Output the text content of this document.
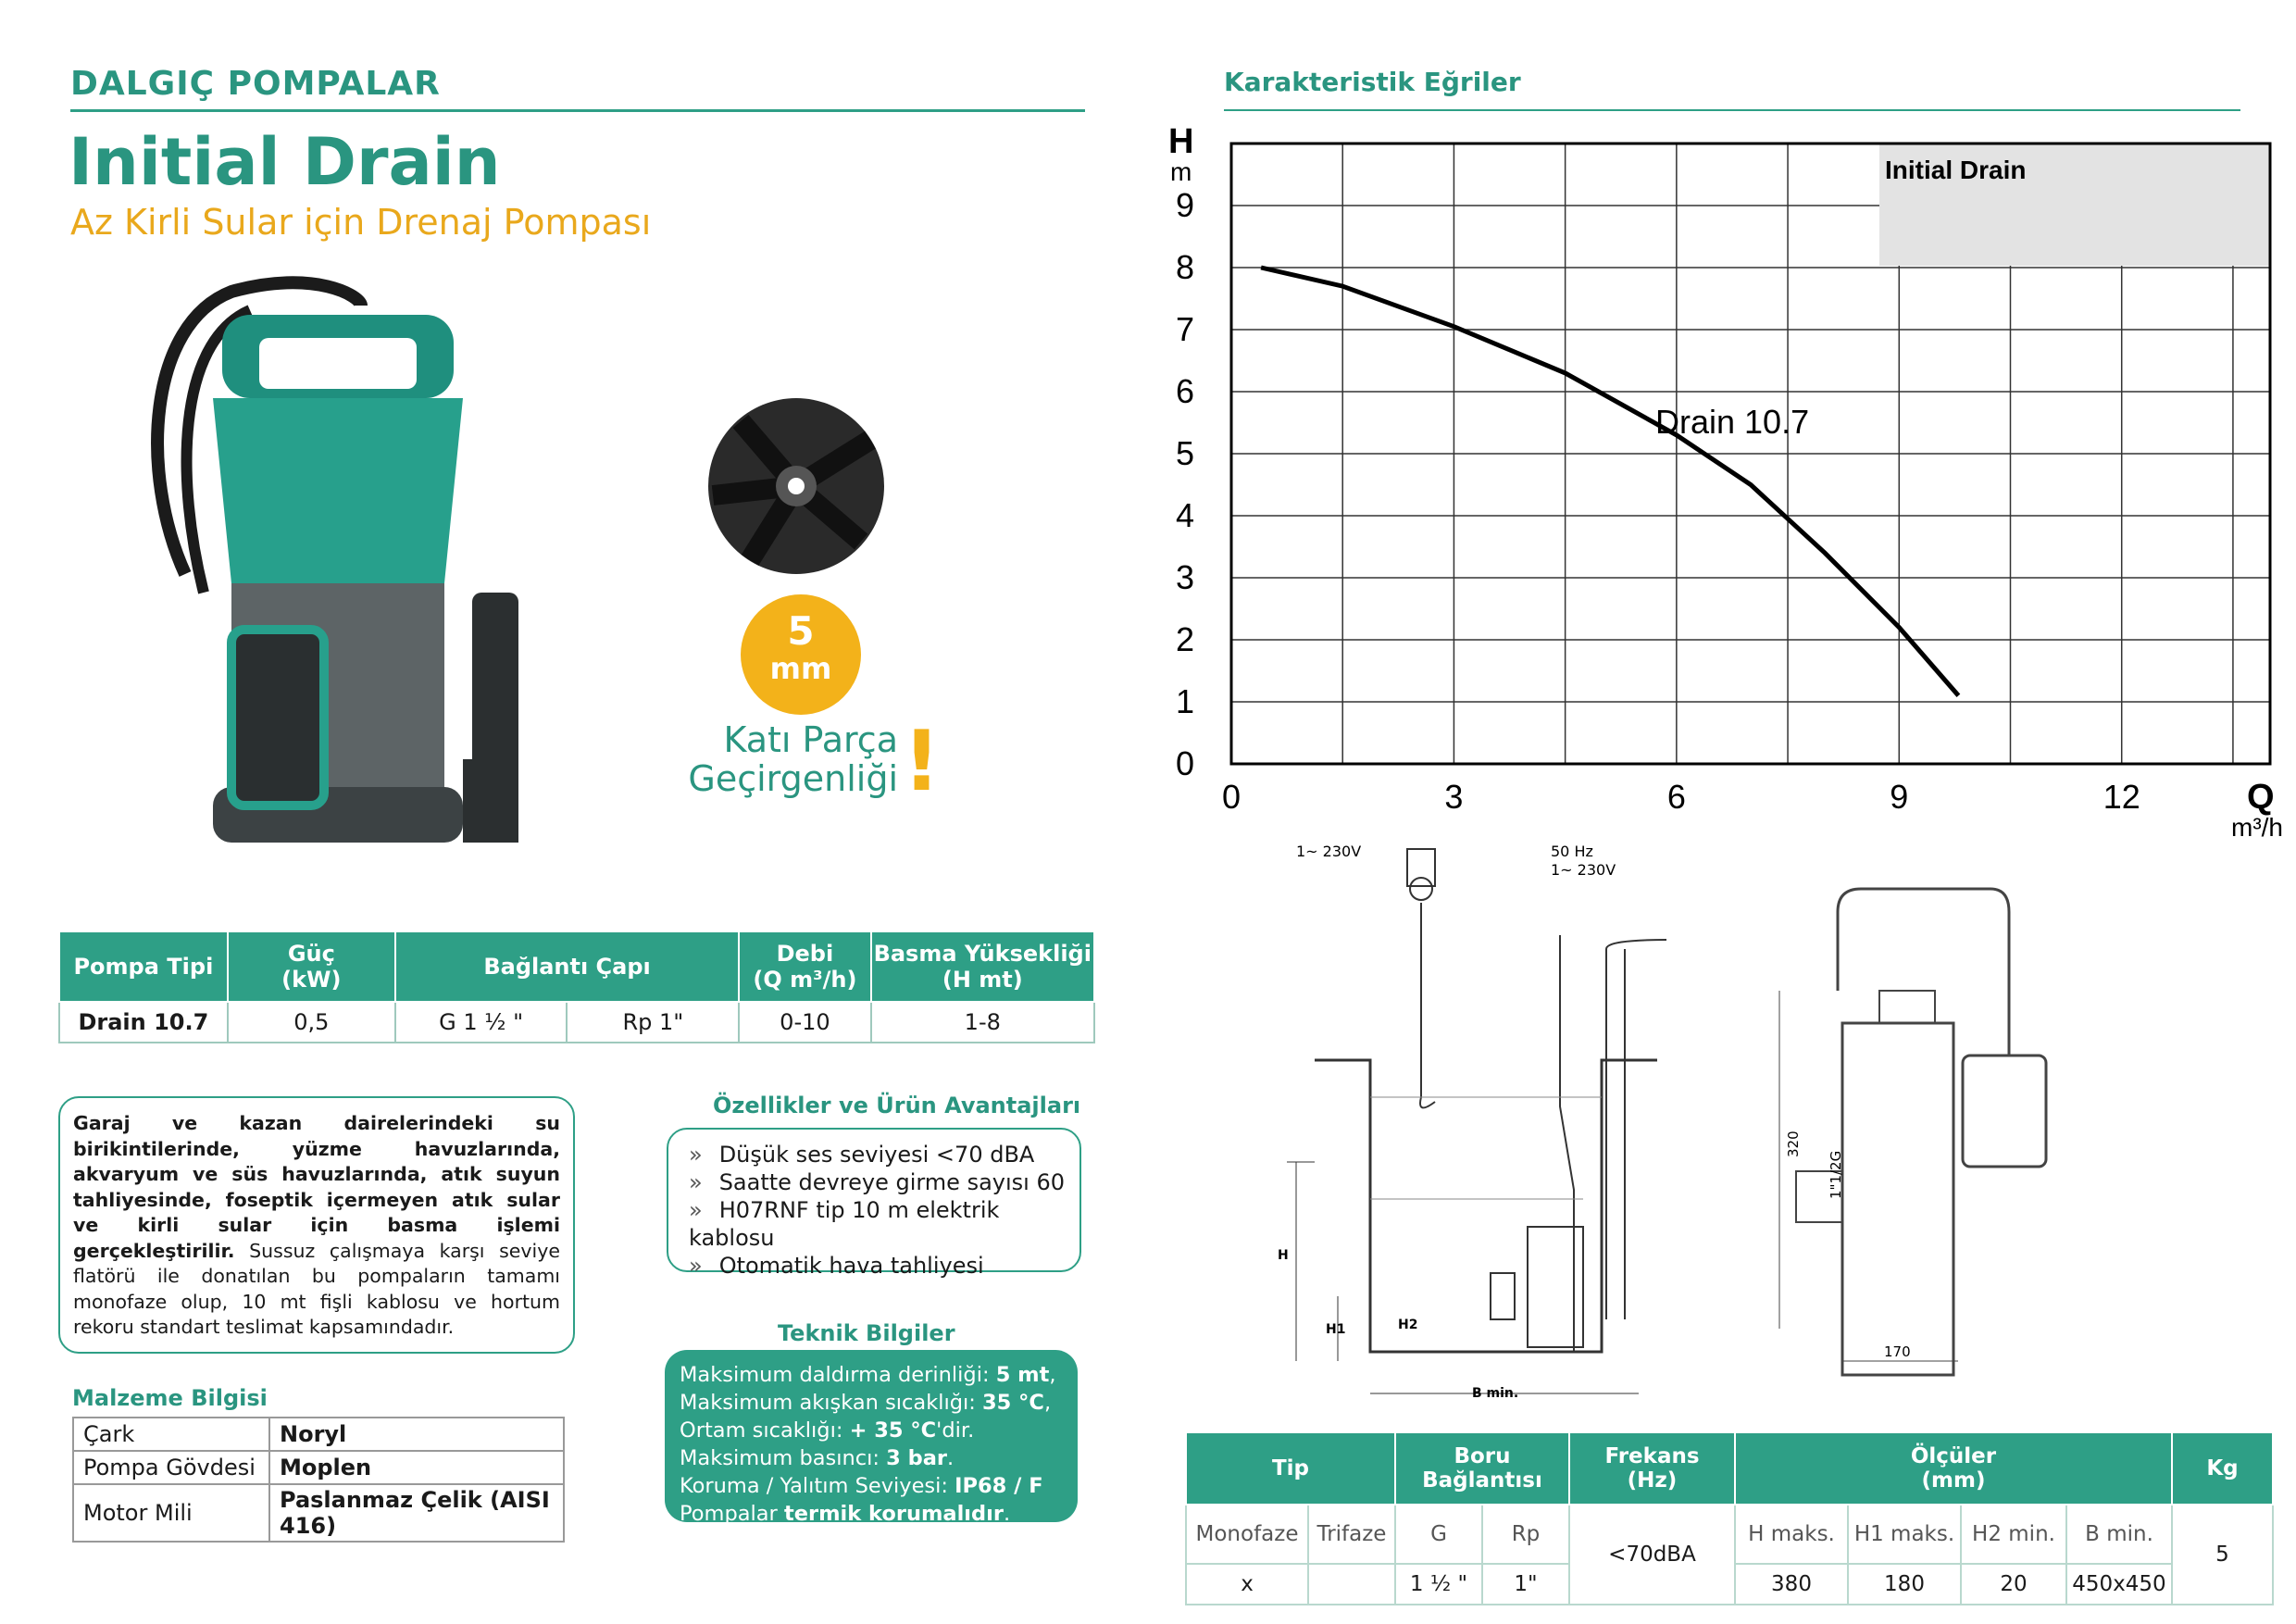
DALGIÇ POMPALAR
Initial Drain
Az Kirli Sular için Drenaj Pompası
5
mm
Katı Parça
Geçirgenliği !
Pompa Tipi	Güç
(kW)	Bağlantı Çapı		Debi
(Q m³/h)	Basma Yüksekliği
(H mt)
Drain 10.7	0,5	G 1 ½ "	Rp 1"	0-10	1-8
Garaj ve kazan dairelerindeki su birikintilerinde, yüzme havuzlarında, akvaryum ve süs havuzlarında, atık suyun tahliyesinde, foseptik içermeyen atık sular ve kirli sular için basma işlemi gerçekleştirilir. Sussuz çalışmaya karşı seviye flatörü ile donatılan bu pompaların tamamı monofaze olup, 10 mt fişli kablosu ve hortum rekoru standart teslimat kapsamındadır.
Özellikler ve Ürün Avantajları
» Düşük ses seviyesi <70 dBA
» Saatte devreye girme sayısı 60
» H07RNF tip 10 m elektrik kablosu
» Otomatik hava tahliyesi
Malzeme Bilgisi
Çark	Noryl
Pompa Gövdesi	Moplen
Motor Mili	Paslanmaz Çelik (AISI 416)
Teknik Bilgiler
Maksimum daldırma derinliği: 5 mt,
Maksimum akışkan sıcaklığı: 35 °C,
Ortam sıcaklığı: + 35 °C'dir.
Maksimum basıncı: 3 bar.
Koruma / Yalıtım Seviyesi: IP68 / F
Pompalar termik korumalıdır.
Karakteristik Eğriler
Initial Drain
0	3	6	9	12
0
1
2
3
4
5
6
7
8
9
Drain 10.7
H
m
Q
m³/h
1~ 230V	50 Hz
1~ 230V
H
H1	H2
B min.
320
1"1/2G
170
Tip		Boru
Bağlantısı		Frekans
(Hz)	Ölçüler
(mm)				Kg
Monofaze	Trifaze	G	Rp	<70dBA	H maks.	H1 maks.	H2 min.	B min.	5
x		1 ½ "	1"		380	180	20	450x450	
